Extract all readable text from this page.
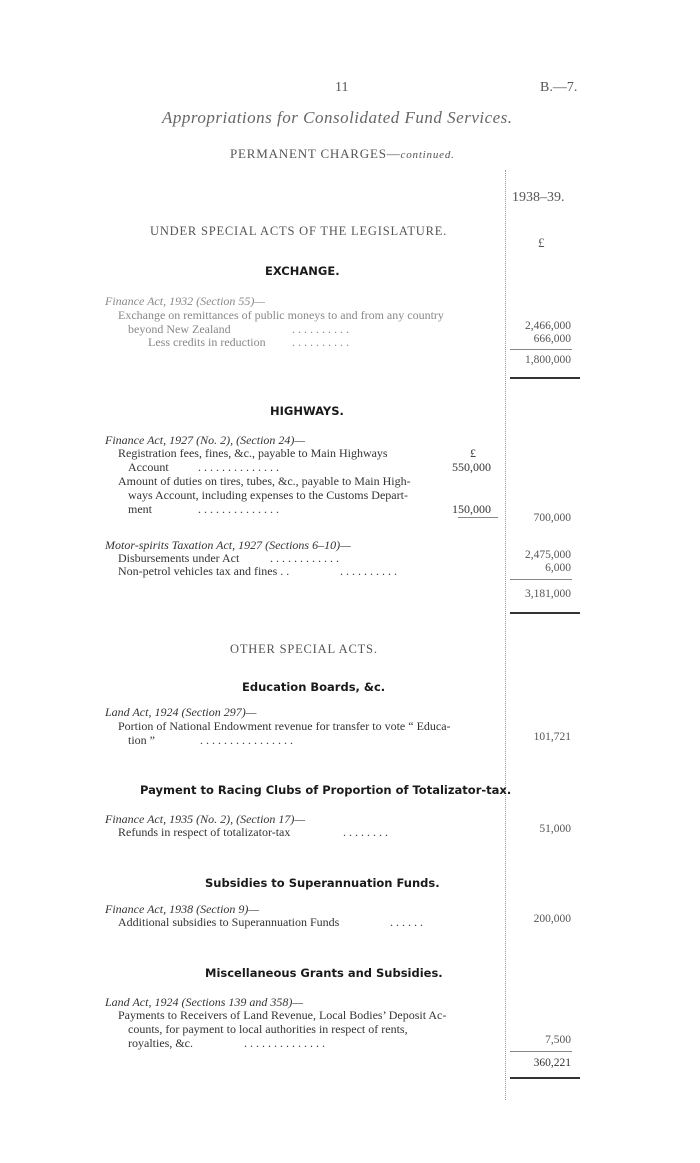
11	B.—7.
Appropriations for Consolidated Fund Services.
PERMANENT CHARGES—continued.
1938–39.
£
UNDER SPECIAL ACTS OF THE LEGISLATURE.
EXCHANGE.
Finance Act, 1932 (Section 55)—
Exchange on remittances of public moneys to and from any country
beyond New Zealand	. . . . . . . . . .	2,466,000
Less credits in reduction . . . . . . . . . .	666,000
1,800,000
HIGHWAYS.
Finance Act, 1927 (No. 2), (Section 24)—
Registration fees, fines, &c., payable to Main Highways	£
Account . . . . . . . . . . . . . .	550,000
Amount of duties on tires, tubes, &c., payable to Main High-
ways Account, including expenses to the Customs Depart-
ment	. . . . . . . . . . . . . .	150,000
700,000
Motor-spirits Taxation Act, 1927 (Sections 6–10)—
Disbursements under Act	. . . . . . . . . . . .	2,475,000
Non-petrol vehicles tax and fines . .	. . . . . . . . . .	6,000
3,181,000
OTHER SPECIAL ACTS.
Education Boards, &c.
Land Act, 1924 (Section 297)—
Portion of National Endowment revenue for transfer to vote “ Educa-
tion ”	. . . . . . . . . . . . . . . .	101,721
Payment to Racing Clubs of Proportion of Totalizator-tax.
Finance Act, 1935 (No. 2), (Section 17)—
Refunds in respect of totalizator-tax	. . . . . . . .	51,000
Subsidies to Superannuation Funds.
Finance Act, 1938 (Section 9)—
Additional subsidies to Superannuation Funds	. . . . . .	200,000
Miscellaneous Grants and Subsidies.
Land Act, 1924 (Sections 139 and 358)—
Payments to Receivers of Land Revenue, Local Bodies’ Deposit Ac-
counts, for payment to local authorities in respect of rents,
royalties, &c.	. . . . . . . . . . . . . .	7,500
360,221
